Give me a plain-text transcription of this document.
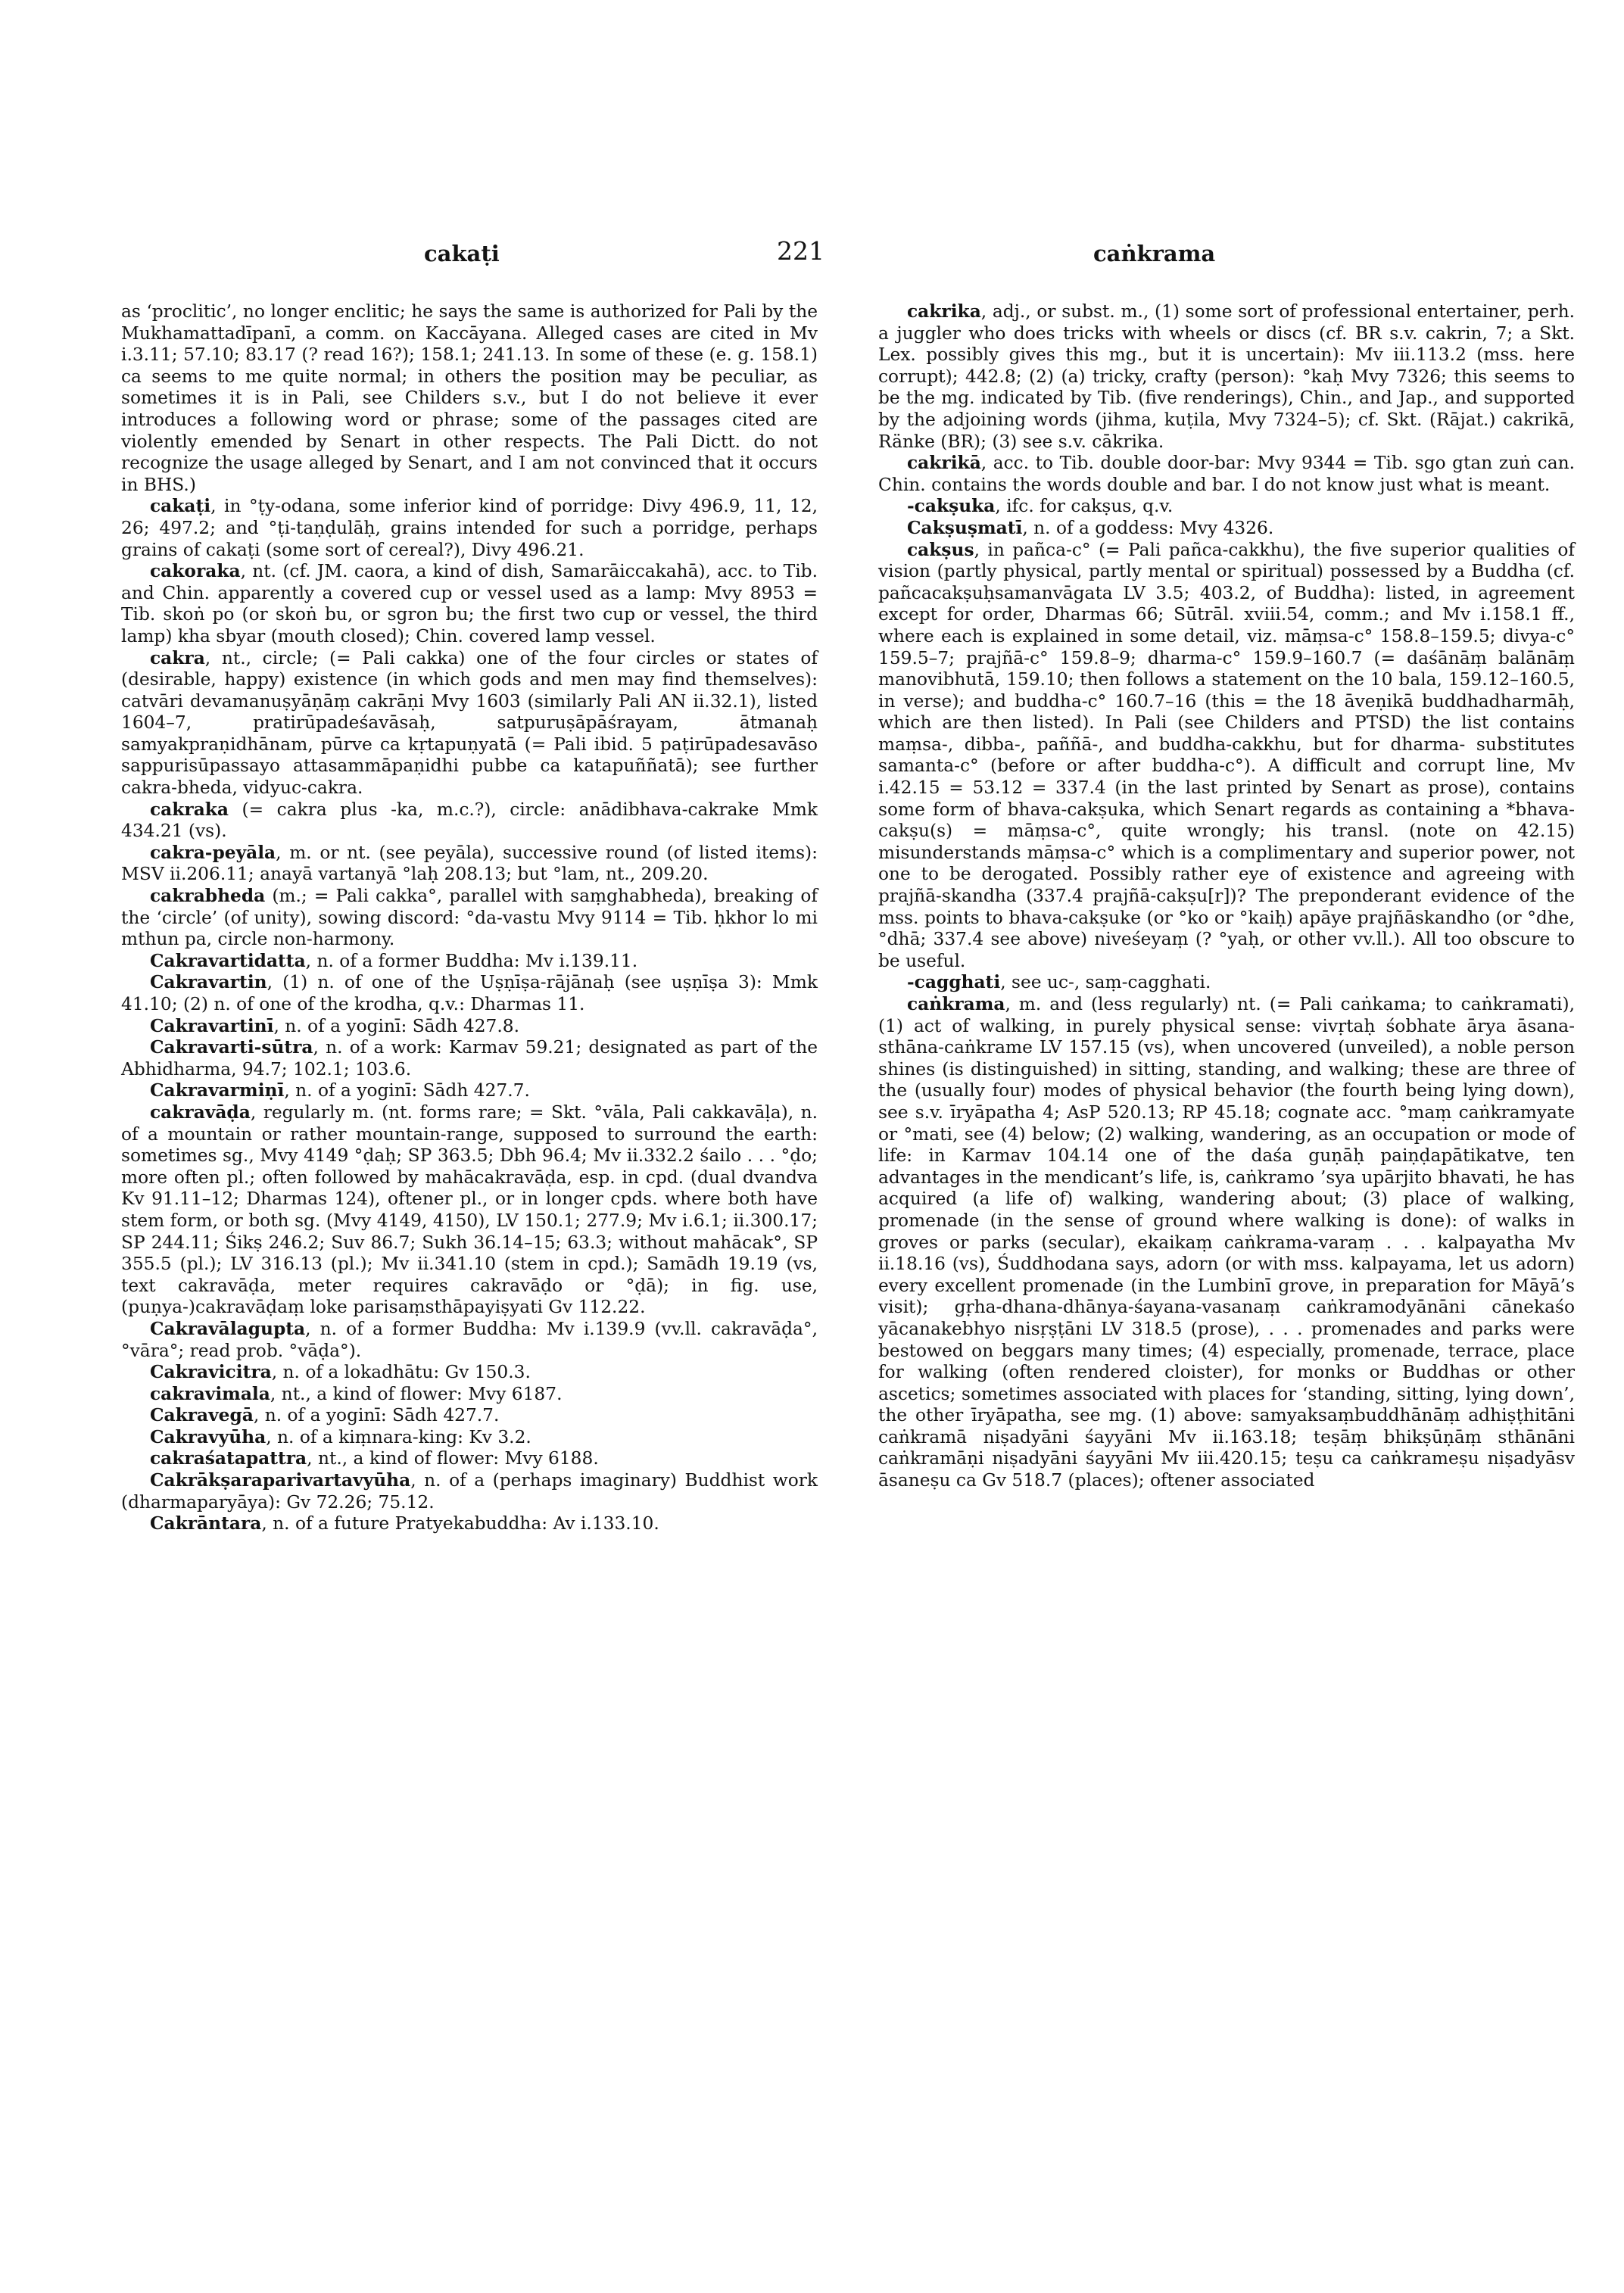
cakaṭi	221	caṅkrama

as ‘proclitic’, no longer enclitic; he says the same is authorized for Pali by the Mukhamattadīpanī, a comm. on Kaccāyana. Alleged cases are cited in Mv i.3.11; 57.10; 83.17 (? read 16?); 158.1; 241.13. In some of these (e. g. 158.1) ca seems to me quite normal; in others the position may be peculiar, as sometimes it is in Pali, see Childers s.v., but I do not believe it ever introduces a following word or phrase; some of the passages cited are violently emended by Senart in other respects. The Pali Dictt. do not recognize the usage alleged by Senart, and I am not convinced that it occurs in BHS.)

cakaṭi, in °ṭy-odana, some inferior kind of porridge: Divy 496.9, 11, 12, 26; 497.2; and °ṭi-taṇḍulāḥ, grains intended for such a porridge, perhaps grains of cakaṭi (some sort of cereal?), Divy 496.21.

cakoraka, nt. (cf. JM. caora, a kind of dish, Samarāiccakahā), acc. to Tib. and Chin. apparently a covered cup or vessel used as a lamp: Mvy 8953 = Tib. skoṅ po (or skoṅ bu, or sgron bu; the first two cup or vessel, the third lamp) kha sbyar (mouth closed); Chin. covered lamp vessel.

cakra, nt., circle; (= Pali cakka) one of the four circles or states of (desirable, happy) existence (in which gods and men may find themselves): catvāri devamanuṣyāṇāṃ cakrāṇi Mvy 1603 (similarly Pali AN ii.32.1), listed 1604–7, pratirūpadeśavāsaḥ, satpuruṣāpāśrayam, ātmanaḥ samyakpraṇidhānam, pūrve ca kṛtapuṇyatā (= Pali ibid. 5 paṭirūpadesavāso sappurisūpassayo attasammāpaṇidhi pubbe ca katapuññatā); see further cakra-bheda, vidyuc-cakra.

cakraka (= cakra plus -ka, m.c.?), circle: anādibhava-cakrake Mmk 434.21 (vs).

cakra-peyāla, m. or nt. (see peyāla), successive round (of listed items): MSV ii.206.11; anayā vartanyā °laḥ 208.13; but °lam, nt., 209.20.

cakrabheda (m.; = Pali cakka°, parallel with saṃghabheda), breaking of the ‘circle’ (of unity), sowing discord: °da-vastu Mvy 9114 = Tib. ḥkhor lo mi mthun pa, circle non-harmony.

Cakravartidatta, n. of a former Buddha: Mv i.139.11.

Cakravartin, (1) n. of one of the Uṣṇīṣa-rājānaḥ (see uṣṇīṣa 3): Mmk 41.10; (2) n. of one of the krodha, q.v.: Dharmas 11.

Cakravartinī, n. of a yoginī: Sādh 427.8.

Cakravarti-sūtra, n. of a work: Karmav 59.21; designated as part of the Abhidharma, 94.7; 102.1; 103.6.

Cakravarmiṇī, n. of a yoginī: Sādh 427.7.

cakravāḍa, regularly m. (nt. forms rare; = Skt. °vāla, Pali cakkavāḷa), n. of a mountain or rather mountain-range, supposed to surround the earth: sometimes sg., Mvy 4149 °ḍaḥ; SP 363.5; Dbh 96.4; Mv ii.332.2 śailo . . . °ḍo; more often pl.; often followed by mahācakravāḍa, esp. in cpd. (dual dvandva Kv 91.11–12; Dharmas 124), oftener pl., or in longer cpds. where both have stem form, or both sg. (Mvy 4149, 4150), LV 150.1; 277.9; Mv i.6.1; ii.300.17; SP 244.11; Śikṣ 246.2; Suv 86.7; Sukh 36.14–15; 63.3; without mahācak°, SP 355.5 (pl.); LV 316.13 (pl.); Mv ii.341.10 (stem in cpd.); Samādh 19.19 (vs, text cakravāḍa, meter requires cakravāḍo or °ḍā); in fig. use, (puṇya-)cakravāḍaṃ loke parisaṃsthāpayiṣyati Gv 112.22.

Cakravālagupta, n. of a former Buddha: Mv i.139.9 (vv.ll. cakravāḍa°, °vāra°; read prob. °vāḍa°).

Cakravicitra, n. of a lokadhātu: Gv 150.3.

cakravimala, nt., a kind of flower: Mvy 6187.

Cakravegā, n. of a yoginī: Sādh 427.7.

Cakravyūha, n. of a kiṃnara-king: Kv 3.2.

cakraśatapattra, nt., a kind of flower: Mvy 6188.

Cakrākṣaraparivartavyūha, n. of a (perhaps imaginary) Buddhist work (dharmaparyāya): Gv 72.26; 75.12.

Cakrāntara, n. of a future Pratyekabuddha: Av i.133.10.

cakrika, adj., or subst. m., (1) some sort of professional entertainer, perh. a juggler who does tricks with wheels or discs (cf. BR s.v. cakrin, 7; a Skt. Lex. possibly gives this mg., but it is uncertain): Mv iii.113.2 (mss. here corrupt); 442.8; (2) (a) tricky, crafty (person): °kaḥ Mvy 7326; this seems to be the mg. indicated by Tib. (five renderings), Chin., and Jap., and supported by the adjoining words (jihma, kuṭila, Mvy 7324–5); cf. Skt. (Rājat.) cakrikā, Ränke (BR); (3) see s.v. cākrika.

cakrikā, acc. to Tib. double door-bar: Mvy 9344 = Tib. sgo gtan zuṅ can. Chin. contains the words double and bar. I do not know just what is meant.

-cakṣuka, ifc. for cakṣus, q.v.

Cakṣuṣmatī, n. of a goddess: Mvy 4326.

cakṣus, in pañca-c° (= Pali pañca-cakkhu), the five superior qualities of vision (partly physical, partly mental or spiritual) possessed by a Buddha (cf. pañcacakṣuḥsamanvāgata LV 3.5; 403.2, of Buddha): listed, in agreement except for order, Dharmas 66; Sūtrāl. xviii.54, comm.; and Mv i.158.1 ff., where each is explained in some detail, viz. māṃsa-c° 158.8–159.5; divya-c° 159.5–7; prajñā-c° 159.8–9; dharma-c° 159.9–160.7 (= daśānāṃ balānāṃ manovibhutā, 159.10; then follows a statement on the 10 bala, 159.12–160.5, in verse); and buddha-c° 160.7–16 (this = the 18 āveṇikā buddhadharmāḥ, which are then listed). In Pali (see Childers and PTSD) the list contains maṃsa-, dibba-, paññā-, and buddha-cakkhu, but for dharma- substitutes samanta-c° (before or after buddha-c°). A difficult and corrupt line, Mv i.42.15 = 53.12 = 337.4 (in the last printed by Senart as prose), contains some form of bhava-cakṣuka, which Senart regards as containing a *bhava-cakṣu(s) = māṃsa-c°, quite wrongly; his transl. (note on 42.15) misunderstands māṃsa-c° which is a complimentary and superior power, not one to be derogated. Possibly rather eye of existence and agreeing with prajñā-skandha (337.4 prajñā-cakṣu[r])? The preponderant evidence of the mss. points to bhava-cakṣuke (or °ko or °kaiḥ) apāye prajñāskandho (or °dhe, °dhā; 337.4 see above) niveśeyaṃ (? °yaḥ, or other vv.ll.). All too obscure to be useful.

-cagghati, see uc-, saṃ-cagghati.

caṅkrama, m. and (less regularly) nt. (= Pali caṅkama; to caṅkramati), (1) act of walking, in purely physical sense: vivṛtaḥ śobhate ārya āsana-sthāna-caṅkrame LV 157.15 (vs), when uncovered (unveiled), a noble person shines (is distinguished) in sitting, standing, and walking; these are three of the (usually four) modes of physical behavior (the fourth being lying down), see s.v. īryāpatha 4; AsP 520.13; RP 45.18; cognate acc. °maṃ caṅkramyate or °mati, see (4) below; (2) walking, wandering, as an occupation or mode of life: in Karmav 104.14 one of the daśa guṇāḥ paiṇḍapātikatve, ten advantages in the mendicant’s life, is, caṅkramo ’sya upārjito bhavati, he has acquired (a life of) walking, wandering about; (3) place of walking, promenade (in the sense of ground where walking is done): of walks in groves or parks (secular), ekaikaṃ caṅkrama-varaṃ . . . kalpayatha Mv ii.18.16 (vs), Śuddhodana says, adorn (or with mss. kalpayama, let us adorn) every excellent promenade (in the Lumbinī grove, in preparation for Māyā’s visit); gṛha-dhana-dhānya-śayana-vasanaṃ caṅkramodyānāni cānekaśo yācanakebhyo nisṛṣṭāni LV 318.5 (prose), . . . promenades and parks were bestowed on beggars many times; (4) especially, promenade, terrace, place for walking (often rendered cloister), for monks or Buddhas or other ascetics; sometimes associated with places for ‘standing, sitting, lying down’, the other īryāpatha, see mg. (1) above: samyaksaṃbuddhānāṃ adhiṣṭhitāni caṅkramā niṣadyāni śayyāni Mv ii.163.18; teṣāṃ bhikṣūṇāṃ sthānāni caṅkramāṇi niṣadyāni śayyāni Mv iii.420.15; teṣu ca caṅkrameṣu niṣadyāsv āsaneṣu ca Gv 518.7 (places); oftener associated
